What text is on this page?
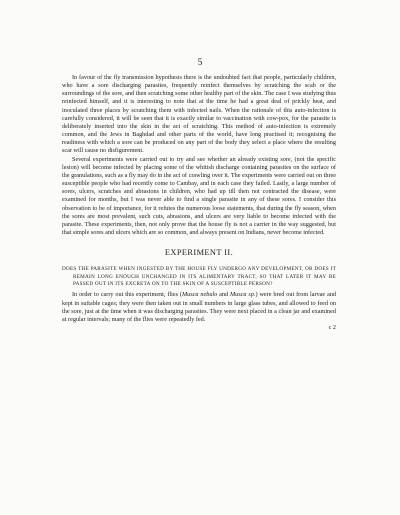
5

In favour of the fly transmission hypothesis there is the undoubted fact that people, particularly children, who have a sore discharging parasites, frequently reinfect themselves by scratching the scab or the surroundings of the sore, and then scratching some other healthy part of the skin. The case I was studying thus reinfected himself, and it is interesting to note that at the time he had a great deal of prickly heat, and inoculated three places by scratching them with infected nails. When the rationale of this auto-infection is carefully considered, it will be seen that it is exactly similar to vaccination with cow-pox, for the parasite is deliberately inserted into the skin in the act of scratching. This method of auto-infection is extremely common, and the Jews in Baghdad and other parts of the world, have long practised it; recognising the readiness with which a sore can be produced on any part of the body they select a place where the resulting scar will cause no disfigurement.

Several experiments were carried out to try and see whether an already existing sore, (not the specific lesion) will become infected by placing some of the whitish discharge containing parasites on the surface of the granulations, such as a fly may do in the act of crawling over it. The experiments were carried out on three susceptible people who had recently come to Cambay, and in each case they failed. Lastly, a large number of sores, ulcers, scratches and abrasions in children, who had up till then not contracted the disease, were examined for months, but I was never able to find a single parasite in any of these sores. I consider this observation to be of importance, for it refutes the numerous loose statements, that during the fly season, when the sores are most prevalent, such cuts, abrasions, and ulcers are very liable to become infected with the parasite. These experiments, then, not only prove that the house fly is not a carrier in the way suggested, but that simple sores and ulcers which are so common, and always present on Indians, never become infected.

EXPERIMENT II.

DOES THE PARASITE WHEN INGESTED BY THE HOUSE FLY UNDERGO ANY DEVELOPMENT, OR DOES IT REMAIN LONG ENOUGH UNCHANGED IN ITS ALIMENTARY TRACT, SO THAT LATER IT MAY BE PASSED OUT IN ITS EXCRETA ON TO THE SKIN OF A SUSCEPTIBLE PERSON?

In order to carry out this experiment, flies (Musca nebulo and Musca sp.) were bred out from larvae and kept in suitable cages; they were then taken out in small numbers in large glass tubes, and allowed to feed on the sore, just at the time when it was discharging parasites. They were next placed in a clean jar and examined at regular intervals; many of the flies were repeatedly fed.

c 2
